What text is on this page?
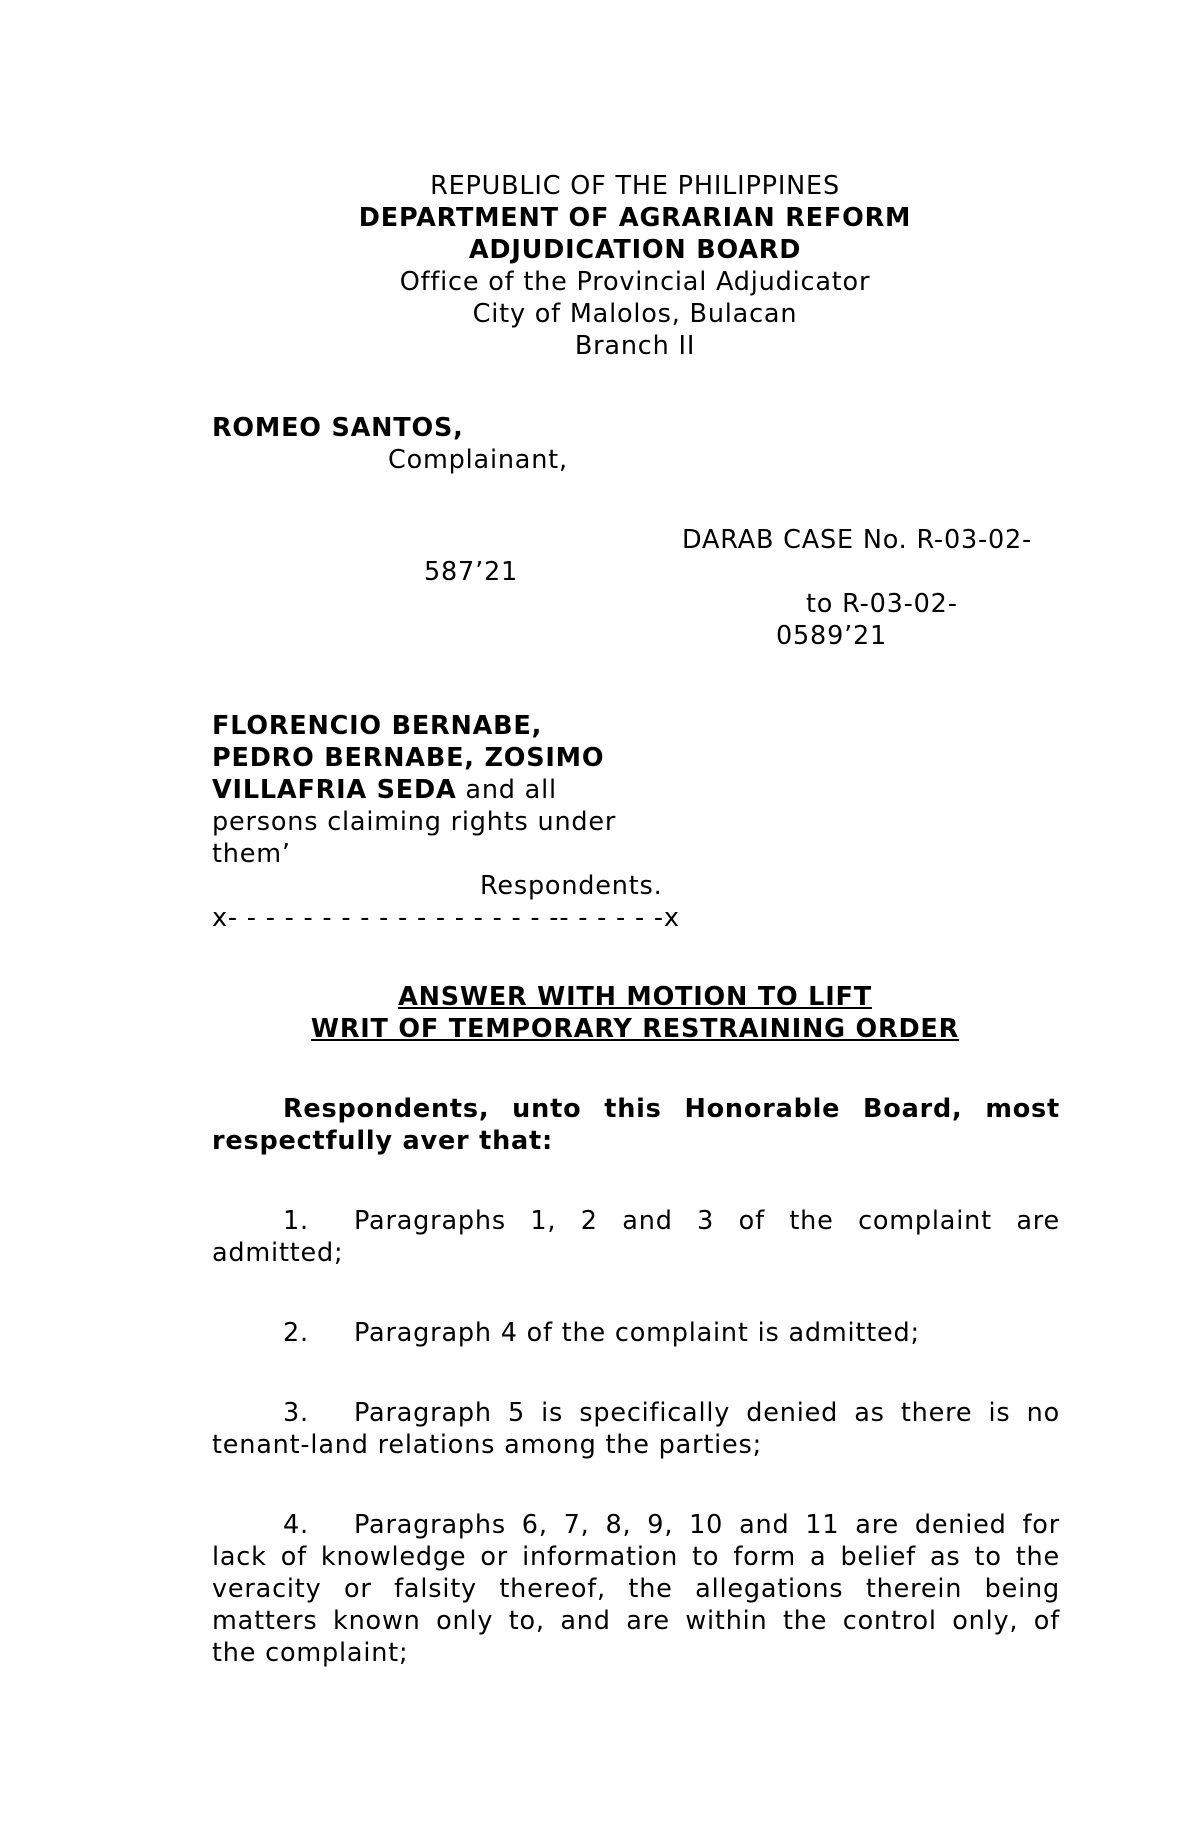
REPUBLIC OF THE PHILIPPINES
DEPARTMENT OF AGRARIAN REFORM
ADJUDICATION BOARD
Office of the Provincial Adjudicator
City of Malolos, Bulacan
Branch II
ROMEO SANTOS,
Complainant,
DARAB CASE No. R-03-02-
587’21
to R-03-02-
0589’21
FLORENCIO BERNABE,
PEDRO BERNABE, ZOSIMO
VILLAFRIA SEDA and all
persons claiming rights under
them’
Respondents.
x- - - - - - - - - - - - - - - - - -- - - - - -x
ANSWER WITH MOTION TO LIFT
WRIT OF TEMPORARY RESTRAINING ORDER
Respondents, unto this Honorable Board, most
respectfully aver that:
1.	Paragraphs 1, 2 and 3 of the complaint are
admitted;
2.	Paragraph 4 of the complaint is admitted;
3.	Paragraph 5 is specifically denied as there is no
tenant-land relations among the parties;
4.	Paragraphs 6, 7, 8, 9, 10 and 11 are denied for
lack of knowledge or information to form a belief as to the
veracity or falsity thereof, the allegations therein being
matters known only to, and are within the control only, of
the complaint;
